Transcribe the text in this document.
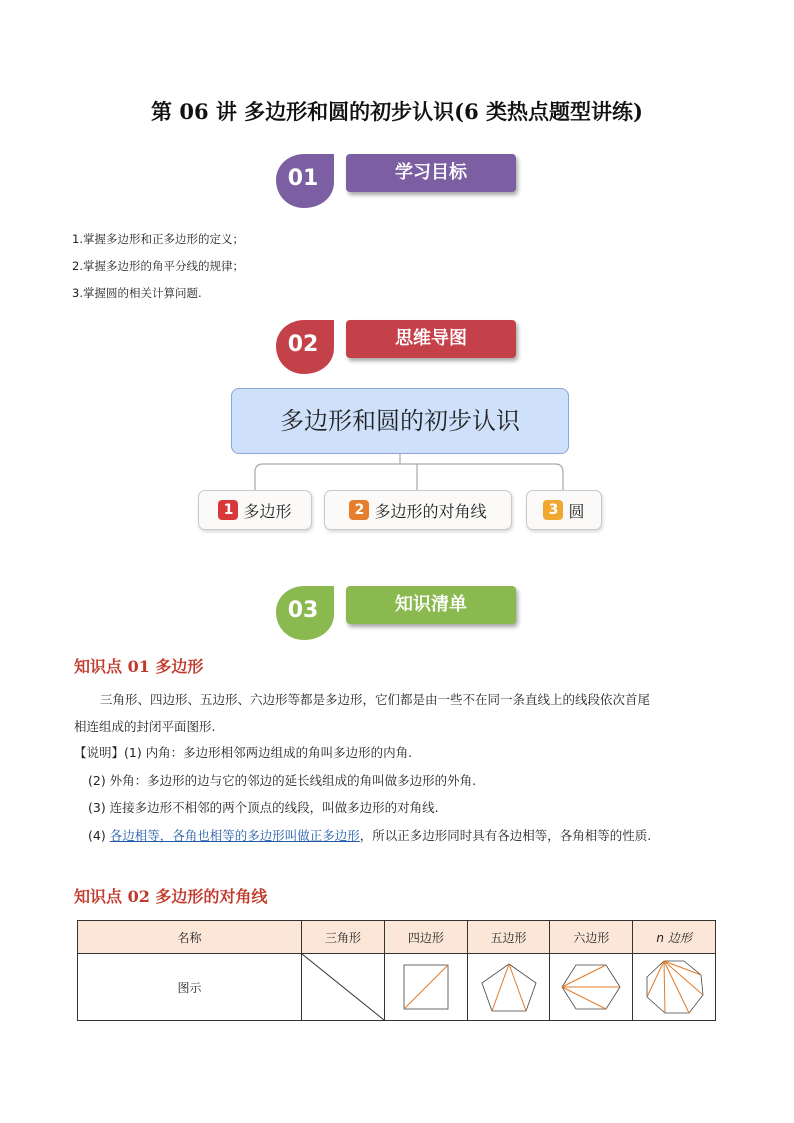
第 06 讲 多边形和圆的初步认识(6 类热点题型讲练)
01	学习目标
1.掌握多边形和正多边形的定义；
2.掌握多边形的角平分线的规律；
3.掌握圆的相关计算问题.
02	思维导图
多边形和圆的初步认识
1 多边形	2 多边形的对角线	3 圆
03	知识清单
知识点 01 多边形
三角形、四边形、五边形、六边形等都是多边形，它们都是由一些不在同一条直线上的线段依次首尾
相连组成的封闭平面图形.
【说明】(1) 内角：多边形相邻两边组成的角叫多边形的内角.
(2) 外角：多边形的边与它的邻边的延长线组成的角叫做多边形的外角.
(3) 连接多边形不相邻的两个顶点的线段，叫做多边形的对角线.
(4) 各边相等，各角也相等的多边形叫做正多边形，所以正多边形同时具有各边相等，各角相等的性质.
知识点 02 多边形的对角线
名称	三角形	四边形	五边形	六边形	n 边形
图示	
